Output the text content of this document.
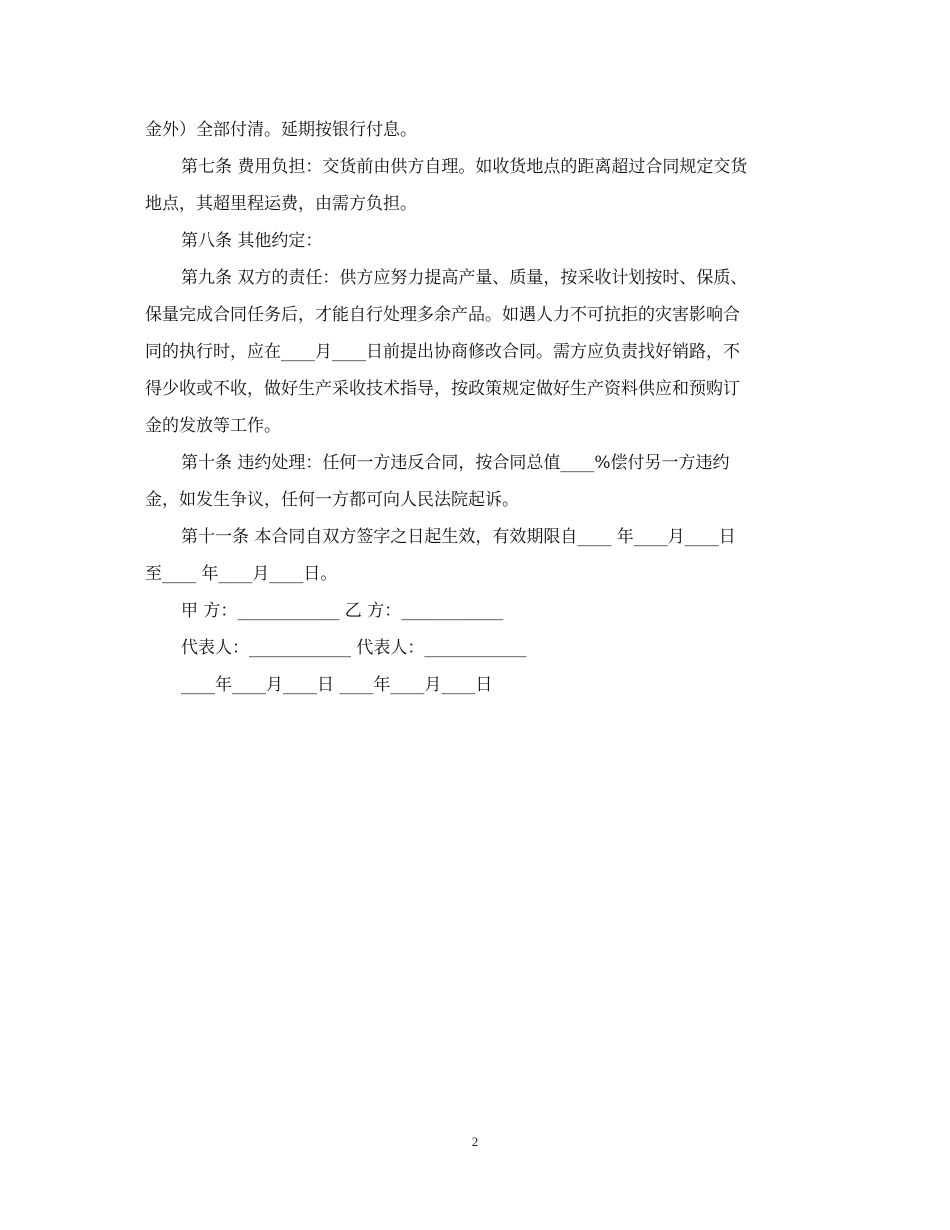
金外）全部付清。延期按银行付息。
第七条 费用负担：交货前由供方自理。如收货地点的距离超过合同规定交货
地点，其超里程运费，由需方负担。
第八条 其他约定：
第九条 双方的责任：供方应努力提高产量、质量，按采收计划按时、保质、
保量完成合同任务后，才能自行处理多余产品。如遇人力不可抗拒的灾害影响合
同的执行时，应在____月____日前提出协商修改合同。需方应负责找好销路，不
得少收或不收，做好生产采收技术指导，按政策规定做好生产资料供应和预购订
金的发放等工作。
第十条 违约处理：任何一方违反合同，按合同总值____%偿付另一方违约
金，如发生争议，任何一方都可向人民法院起诉。
第十一条 本合同自双方签字之日起生效，有效期限自____ 年____月____日
至____ 年____月____日。
甲 方：____________ 乙 方：____________
代表人：____________ 代表人：____________
____年____月____日 ____年____月____日
2
